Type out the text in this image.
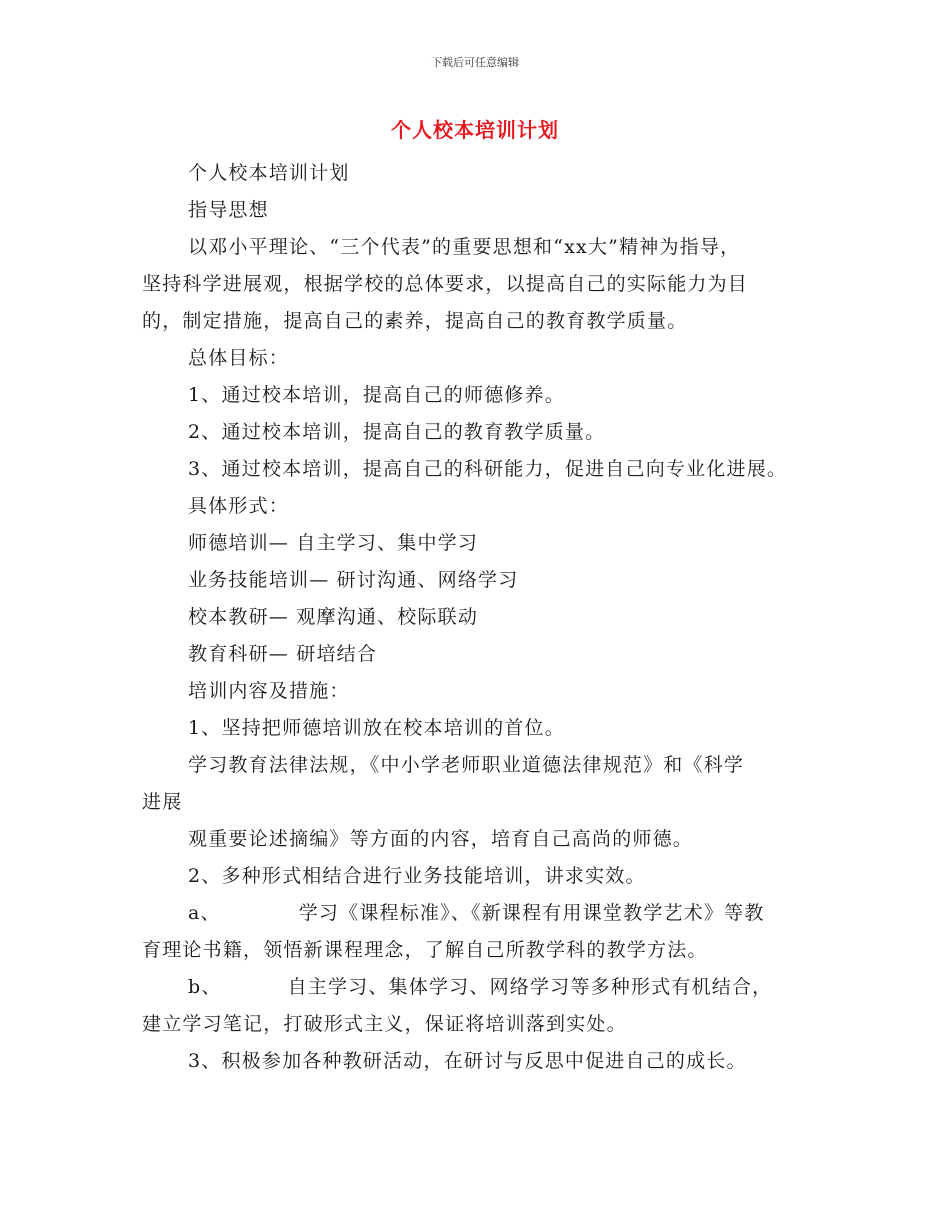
下载后可任意编辑
个人校本培训计划

个人校本培训计划

指导思想

以邓小平理论、“三个代表”的重要思想和“xx大”精神为指导，

坚持科学进展观，根据学校的总体要求，以提高自己的实际能力为目

的，制定措施，提高自己的素养，提高自己的教育教学质量。

总体目标：

1、通过校本培训，提高自己的师德修养。

2、通过校本培训，提高自己的教育教学质量。

3、通过校本培训，提高自己的科研能力，促进自己向专业化进展。

具体形式：

师德培训— 自主学习、集中学习

业务技能培训— 研讨沟通、网络学习

校本教研— 观摩沟通、校际联动

教育科研— 研培结合

培训内容及措施：

1、坚持把师德培训放在校本培训的首位。

学习教育法律法规，《中小学老师职业道德法律规范》和《科学

进展

观重要论述摘编》等方面的内容，培育自己高尚的师德。

2、多种形式相结合进行业务技能培训，讲求实效。

a、	学习《课程标准》、《新课程有用课堂教学艺术》等教

育理论书籍，领悟新课程理念，了解自己所教学科的教学方法。

b、	自主学习、集体学习、网络学习等多种形式有机结合，

建立学习笔记，打破形式主义，保证将培训落到实处。

3、积极参加各种教研活动，在研讨与反思中促进自己的成长。
